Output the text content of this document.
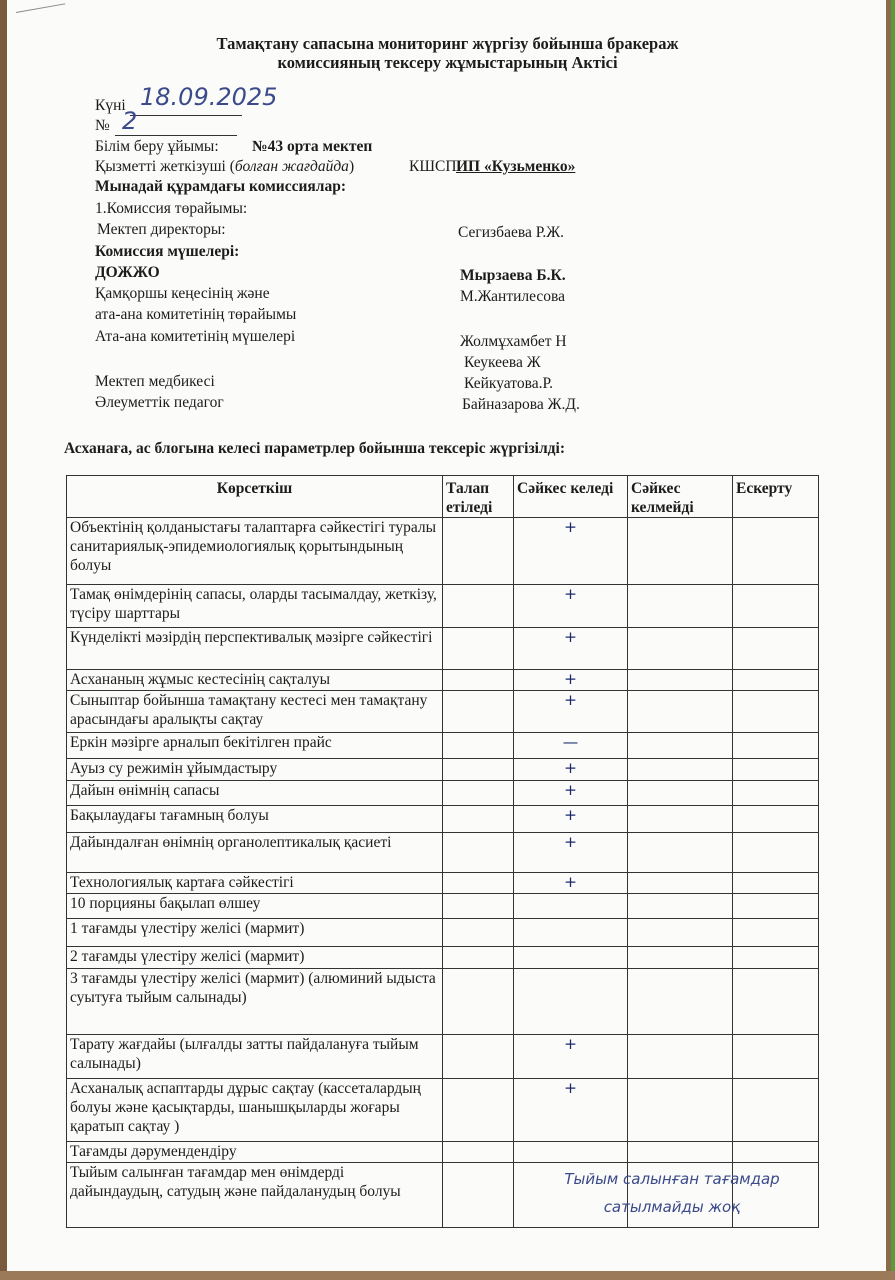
Тамақтану сапасына мониторинг жүргізу бойынша бракераж
комиссияның тексеру жұмыстарының Актісі
Күні 18.09.2025
№ 2
Білім беру ұйымы: №43 орта мектеп
Қызметті жеткізуші (болған жағдайда)	КШСП ИП «Кузьменко»
Мынадай құрамдағы комиссиялар:
1.Комиссия төрайымы:
Мектеп директоры:	Сегизбаева Р.Ж.
Комиссия мүшелері:
ДОЖЖО	Мырзаева Б.К.
Қамқоршы кеңесінің және	М.Жантилесова
ата-ана комитетінің төрайымы
Ата-ана комитетінің мүшелері	Жолмұхамбет Н
Кеукеева Ж
Мектеп медбикесі	Кейкуатова.Р.
Әлеуметтік педагог	Байназарова Ж.Д.
Асханаға, ас блогына келесі параметрлер бойынша тексеріс жүргізілді:
Көрсеткіш	Талап етіледі	Сәйкес келеді	Сәйкес келмейді	Ескерту
Объектінің қолданыстағы талаптарға сәйкестігі туралы санитариялық-эпидемиологиялық қорытындының болуы		+		
Тамақ өнімдерінің сапасы, оларды тасымалдау, жеткізу, түсіру шарттары		+		
Күнделікті мәзірдің перспективалық мәзірге сәйкестігі		+		
Асхананың жұмыс кестесінің сақталуы		+		
Сыныптар бойынша тамақтану кестесі мен тамақтану арасындағы аралықты сақтау		+		
Еркін мәзірге арналып бекітілген прайс		—		
Ауыз су режимін ұйымдастыру		+		
Дайын өнімнің сапасы		+		
Бақылаудағы тағамның болуы		+		
Дайындалған өнімнің органолептикалық қасиеті		+		
Технологиялық картаға сәйкестігі		+		
10 порцияны бақылап өлшеу				
1 тағамды үлестіру желісі (мармит)				
2 тағамды үлестіру желісі (мармит)				
3 тағамды үлестіру желісі (мармит) (алюминий ыдыста суытуға тыйым салынады)				
Тарату жағдайы (ылғалды затты пайдалануға тыйым салынады)		+		
Асханалық аспаптарды дұрыс сақтау (кассеталардың болуы және қасықтарды, шанышқыларды жоғары қаратып сақтау )		+		
Тағамды дәрумендендіру				
Тыйым салынған тағамдар мен өнімдерді дайындаудың, сатудың және пайдаланудың болуы		Тыйым салынған тағамдар сатылмайды жоқ		
